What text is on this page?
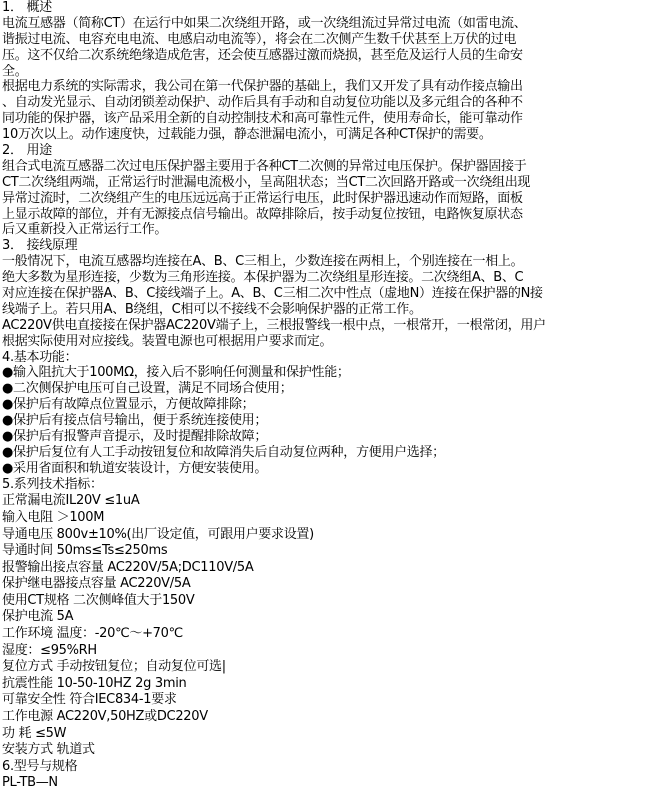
1． 概述

电流互感器（简称CT）在运行中如果二次绕组开路，或一次绕组流过异常过电流（如雷电流、

谐振过电流、电容充电电流、电感启动电流等），将会在二次侧产生数千伏甚至上万伏的过电

压。这不仅给二次系统绝缘造成危害，还会使互感器过激而烧损，甚至危及运行人员的生命安

全。

根据电力系统的实际需求，我公司在第一代保护器的基础上，我们又开发了具有动作接点输出

、自动发光显示、自动闭锁差动保护、动作后具有手动和自动复位功能以及多元组合的各种不

同功能的保护器，该产品采用全新的自动控制技术和高可靠性元件，使用寿命长，能可靠动作

10万次以上。动作速度快，过载能力强，静态泄漏电流小，可满足各种CT保护的需要。

2． 用途

组合式电流互感器二次过电压保护器主要用于各种CT二次侧的异常过电压保护。保护器固接于

CT二次绕组两端，正常运行时泄漏电流极小，呈高阻状态；当CT二次回路开路或一次绕组出现

异常过流时，二次绕组产生的电压远远高于正常运行电压，此时保护器迅速动作而短路，面板

上显示故障的部位，并有无源接点信号输出。故障排除后，按手动复位按钮，电路恢复原状态

后又重新投入正常运行工作。

3． 接线原理

一般情况下，电流互感器均连接在A、B、C三相上，少数连接在两相上，个别连接在一相上。

绝大多数为星形连接，少数为三角形连接。本保护器为二次绕组星形连接。二次绕组A、B、C

对应连接在保护器A、B、C接线端子上。A、B、C三相二次中性点（虚地N）连接在保护器的N接

线端子上。若只用A、B绕组，C相可以不接线不会影响保护器的正常工作。

AC220V供电直接接在保护器AC220V端子上，三根报警线一根中点，一根常开，一根常闭，用户

根据实际使用对应接线。装置电源也可根据用户要求而定。

4.基本功能：

●输入阻抗大于100MΩ，接入后不影响任何测量和保护性能；

●二次侧保护电压可自己设置，满足不同场合使用；

●保护后有故障点位置显示，方便故障排除；

●保护后有接点信号输出，便于系统连接使用；

●保护后有报警声音提示，及时提醒排除故障；

●保护后复位有人工手动按钮复位和故障消失后自动复位两种，方便用户选择；

●采用省面积和轨道安装设计，方便安装使用。

5.系列技术指标：

正常漏电流IL20V ≤1uA

输入电阻 ＞100M

导通电压 800v±10%(出厂设定值，可跟用户要求设置)

导通时间 50ms≤Ts≤250ms

报警输出接点容量 AC220V/5A;DC110V/5A

保护继电器接点容量 AC220V/5A

使用CT规格 二次侧峰值大于150V

保护电流 5A

工作环境 温度：-20℃～+70℃

湿度：≤95%RH

复位方式 手动按钮复位；自动复位可选|

抗震性能 10-50-10HZ 2g 3min

可靠安全性 符合IEC834-1要求

工作电源 AC220V,50HZ或DC220V

功 耗 ≤5W

安装方式 轨道式

6.型号与规格

PL-TB—N
